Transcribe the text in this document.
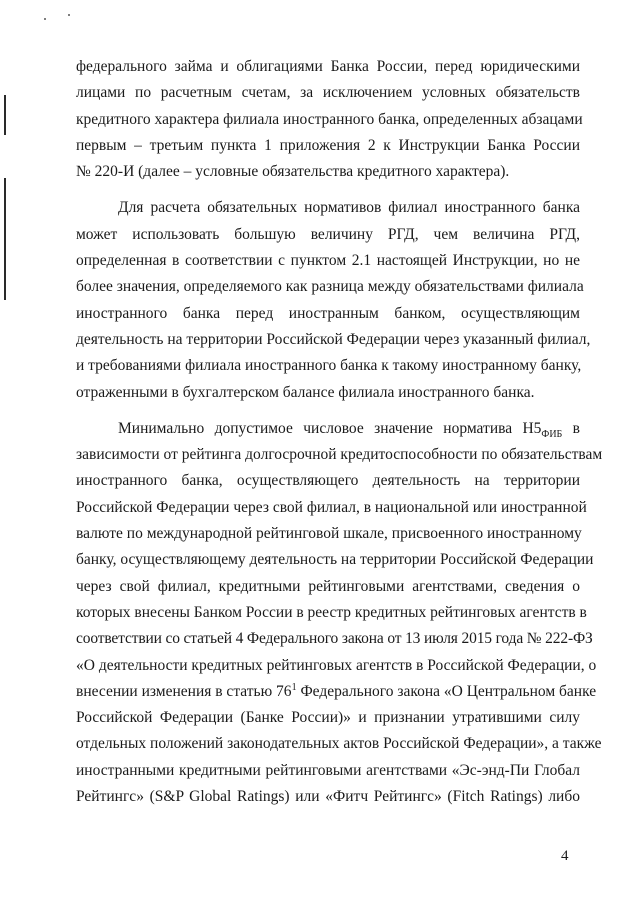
федерального займа и облигациями Банка России, перед юридическими
лицами по расчетным счетам, за исключением условных обязательств
кредитного характера филиала иностранного банка, определенных абзацами
первым – третьим пункта 1 приложения 2 к Инструкции Банка России
№ 220-И (далее – условные обязательства кредитного характера).

Для расчета обязательных нормативов филиал иностранного банка
может использовать большую величину РГД, чем величина РГД,
определенная в соответствии с пунктом 2.1 настоящей Инструкции, но не
более значения, определяемого как разница между обязательствами филиала
иностранного банка перед иностранным банком, осуществляющим
деятельность на территории Российской Федерации через указанный филиал,
и требованиями филиала иностранного банка к такому иностранному банку,
отраженными в бухгалтерском балансе филиала иностранного банка.

Минимально допустимое числовое значение норматива $Н5_{ФИБ}$ в
зависимости от рейтинга долгосрочной кредитоспособности по обязательствам
иностранного банка, осуществляющего деятельность на территории
Российской Федерации через свой филиал, в национальной или иностранной
валюте по международной рейтинговой шкале, присвоенного иностранному
банку, осуществляющему деятельность на территории Российской Федерации
через свой филиал, кредитными рейтинговыми агентствами, сведения о
которых внесены Банком России в реестр кредитных рейтинговых агентств в
соответствии со статьей 4 Федерального закона от 13 июля 2015 года № 222-ФЗ
«О деятельности кредитных рейтинговых агентств в Российской Федерации, о
внесении изменения в статью $76^1$ Федерального закона «О Центральном банке
Российской Федерации (Банке России)» и признании утратившими силу
отдельных положений законодательных актов Российской Федерации», а также
иностранными кредитными рейтинговыми агентствами «Эс-энд-Пи Глобал
Рейтингс» (S&P Global Ratings) или «Фитч Рейтингс» (Fitch Ratings) либо

4
